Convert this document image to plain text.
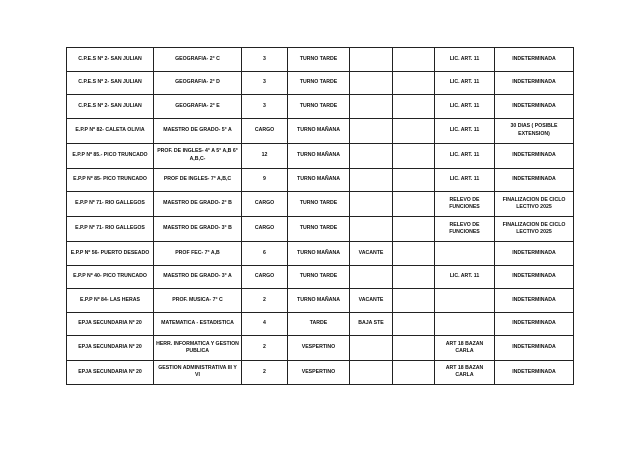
C.P.E.S Nº 2- SAN JULIAN	GEOGRAFIA- 2° C	3	TURNO TARDE			LIC. ART. 11	INDETERMINADA
C.P.E.S Nº 2- SAN JULIAN	GEOGRAFIA- 2° D	3	TURNO TARDE			LIC. ART. 11	INDETERMINADA
C.P.E.S Nº 2- SAN JULIAN	GEOGRAFIA- 2° E	3	TURNO TARDE			LIC. ART. 11	INDETERMINADA
E.P.P Nº 82- CALETA OLIVIA	MAESTRO DE GRADO- 5° A	CARGO	TURNO MAÑANA			LIC. ART. 11	30 DIAS ( POSIBLE EXTENSION)
E.P.P Nº 85.- PICO TRUNCADO	PROF. DE INGLES- 4° A 5° A,B 6° A,B,C-	12	TURNO MAÑANA			LIC. ART. 11	INDETERMINADA
E.P.P Nº 85- PICO TRUNCADO	PROF DE INGLES- 7° A,B,C	9	TURNO MAÑANA			LIC. ART. 11	INDETERMINADA
E.P.P Nº 71- RIO GALLEGOS	MAESTRO DE GRADO- 2° B	CARGO	TURNO TARDE			RELEVO DE FUNCIONES	FINALIZACION DE CICLO LECTIVO 2025
E.P.P Nº 71- RIO GALLEGOS	MAESTRO DE GRADO- 3° B	CARGO	TURNO TARDE			RELEVO DE FUNCIONES	FINALIZACION DE CICLO LECTIVO 2025
E.P.P Nº 56- PUERTO DESEADO	PROF FEC- 7° A,B	6	TURNO MAÑANA	VACANTE			INDETERMINADA
E.P.P Nº 40- PICO TRUNCADO	MAESTRO DE GRADO- 3° A	CARGO	TURNO TARDE			LIC. ART. 11	INDETERMINADA
E.P.P Nº 84- LAS HERAS	PROF. MUSICA- 7° C	2	TURNO MAÑANA	VACANTE			INDETERMINADA
EPJA SECUNDARIA Nº 20	MATEMATICA - ESTADISTICA	4	TARDE	BAJA STE			INDETERMINADA
EPJA SECUNDARIA Nº 20	HERR. INFORMATICA Y GESTION PUBLICA	2	VESPERTINO			ART 18 BAZAN CARLA	INDETERMINADA
EPJA SECUNDARIA Nº 20	GESTION ADMINISTRATIVA III Y VI	2	VESPERTINO			ART 18 BAZAN CARLA	INDETERMINADA
